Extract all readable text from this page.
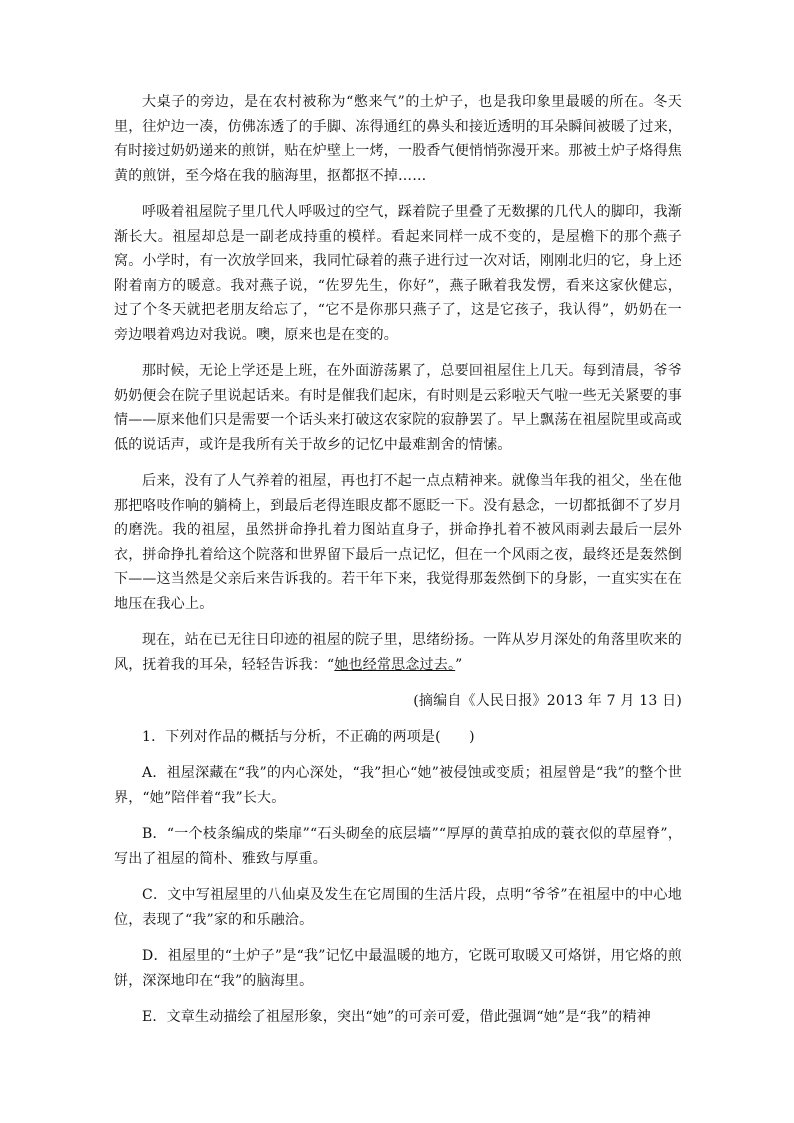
大桌子的旁边，是在农村被称为“憋来气”的土炉子，也是我印象里最暖的所在。冬天里，往炉边一凑，仿佛冻透了的手脚、冻得通红的鼻头和接近透明的耳朵瞬间被暖了过来，有时接过奶奶递来的煎饼，贴在炉壁上一烤，一股香气便悄悄弥漫开来。那被土炉子烙得焦黄的煎饼，至今烙在我的脑海里，抠都抠不掉……

呼吸着祖屋院子里几代人呼吸过的空气，踩着院子里叠了无数摞的几代人的脚印，我渐渐长大。祖屋却总是一副老成持重的模样。看起来同样一成不变的，是屋檐下的那个燕子窝。小学时，有一次放学回来，我同忙碌着的燕子进行过一次对话，刚刚北归的它，身上还附着南方的暖意。我对燕子说，“佐罗先生，你好”，燕子瞅着我发愣，看来这家伙健忘，过了个冬天就把老朋友给忘了，“它不是你那只燕子了，这是它孩子，我认得”，奶奶在一旁边喂着鸡边对我说。噢，原来也是在变的。

那时候，无论上学还是上班，在外面游荡累了，总要回祖屋住上几天。每到清晨，爷爷奶奶便会在院子里说起话来。有时是催我们起床，有时则是云彩啦天气啦一些无关紧要的事情——原来他们只是需要一个话头来打破这农家院的寂静罢了。早上飘荡在祖屋院里或高或低的说话声，或许是我所有关于故乡的记忆中最难割舍的情愫。

后来，没有了人气养着的祖屋，再也打不起一点点精神来。就像当年我的祖父，坐在他那把咯吱作响的躺椅上，到最后老得连眼皮都不愿眨一下。没有悬念，一切都抵御不了岁月的磨洗。我的祖屋，虽然拼命挣扎着力图站直身子，拼命挣扎着不被风雨剥去最后一层外衣，拼命挣扎着给这个院落和世界留下最后一点记忆，但在一个风雨之夜，最终还是轰然倒下——这当然是父亲后来告诉我的。若干年下来，我觉得那轰然倒下的身影，一直实实在在地压在我心上。

现在，站在已无往日印迹的祖屋的院子里，思绪纷扬。一阵从岁月深处的角落里吹来的风，抚着我的耳朵，轻轻告诉我：“她也经常思念过去。”

(摘编自《人民日报》2013 年 7 月 13 日)

1．下列对作品的概括与分析，不正确的两项是(　　)

A．祖屋深藏在“我”的内心深处，“我”担心“她”被侵蚀或变质；祖屋曾是“我”的整个世界，“她”陪伴着“我”长大。

B．“一个枝条编成的柴扉”“石头砌垒的底层墙”“厚厚的黄草拍成的蓑衣似的草屋脊”，写出了祖屋的简朴、雅致与厚重。

C．文中写祖屋里的八仙桌及发生在它周围的生活片段，点明“爷爷”在祖屋中的中心地位，表现了“我”家的和乐融洽。

D．祖屋里的“土炉子”是“我”记忆中最温暖的地方，它既可取暖又可烙饼，用它烙的煎饼，深深地印在“我”的脑海里。

E．文章生动描绘了祖屋形象，突出“她”的可亲可爱，借此强调“她”是“我”的精神
